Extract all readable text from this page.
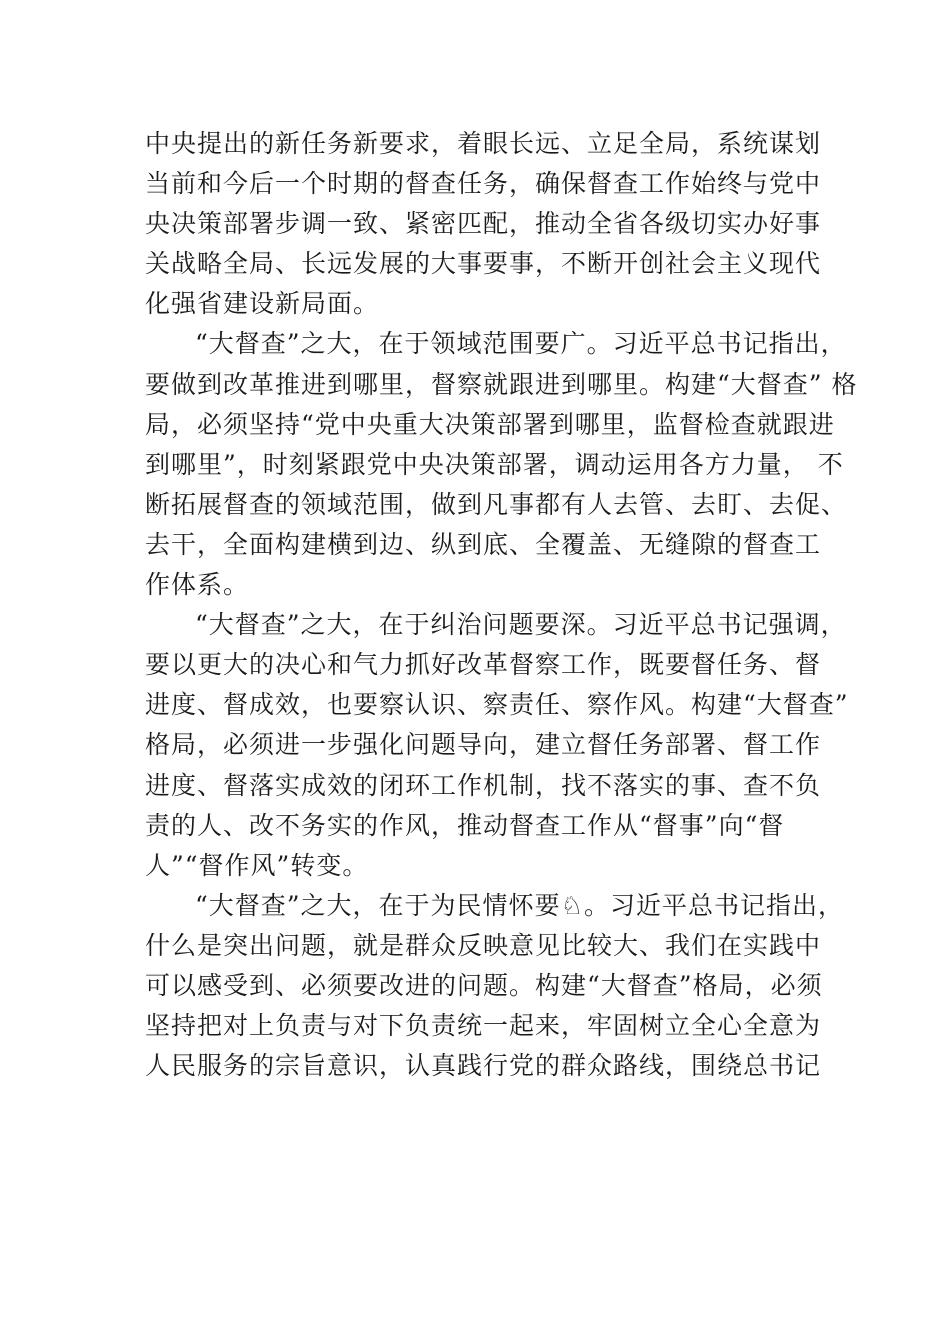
中央提出的新任务新要求，着眼长远、立足全局，系统谋划
当前和今后一个时期的督查任务，确保督查工作始终与党中
央决策部署步调一致、紧密匹配，推动全省各级切实办好事
关战略全局、长远发展的大事要事，不断开创社会主义现代
化强省建设新局面。

“大督查”之大，在于领域范围要广。习近平总书记指出，
要做到改革推进到哪里，督察就跟进到哪里。构建“大督查” 格
局，必须坚持“党中央重大决策部署到哪里，监督检查就跟进
到哪里”，时刻紧跟党中央决策部署，调动运用各方力量， 不
断拓展督查的领域范围，做到凡事都有人去管、去盯、去促、
去干，全面构建横到边、纵到底、全覆盖、无缝隙的督查工
作体系。

“大督查”之大，在于纠治问题要深。习近平总书记强调，
要以更大的决心和气力抓好改革督察工作，既要督任务、督
进度、督成效，也要察认识、察责任、察作风。构建“大督查”
格局，必须进一步强化问题导向，建立督任务部署、督工作
进度、督落实成效的闭环工作机制，找不落实的事、查不负
责的人、改不务实的作风，推动督查工作从“督事”向“督
人”“督作风”转变。

“大督查”之大，在于为民情怀要♘。习近平总书记指出，
什么是突出问题，就是群众反映意见比较大、我们在实践中
可以感受到、必须要改进的问题。构建“大督查”格局，必须
坚持把对上负责与对下负责统一起来，牢固树立全心全意为
人民服务的宗旨意识，认真践行党的群众路线，围绕总书记
